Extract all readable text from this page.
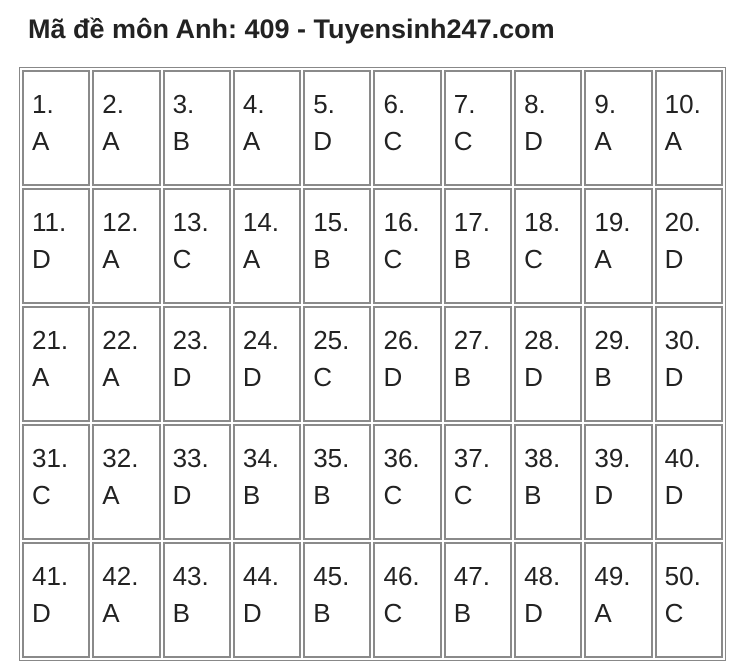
Mã đề môn Anh: 409 - Tuyensinh247.com
1.
A	2.
A	3.
B	4.
A	5.
D	6.
C	7.
C	8.
D	9.
A	10.
A

11.
D	12.
A	13.
C	14.
A	15.
B	16.
C	17.
B	18.
C	19.
A	20.
D

21.
A	22.
A	23.
D	24.
D	25.
C	26.
D	27.
B	28.
D	29.
B	30.
D

31.
C	32.
A	33.
D	34.
B	35.
B	36.
C	37.
C	38.
B	39.
D	40.
D

41.
D	42.
A	43.
B	44.
D	45.
B	46.
C	47.
B	48.
D	49.
A	50.
C
